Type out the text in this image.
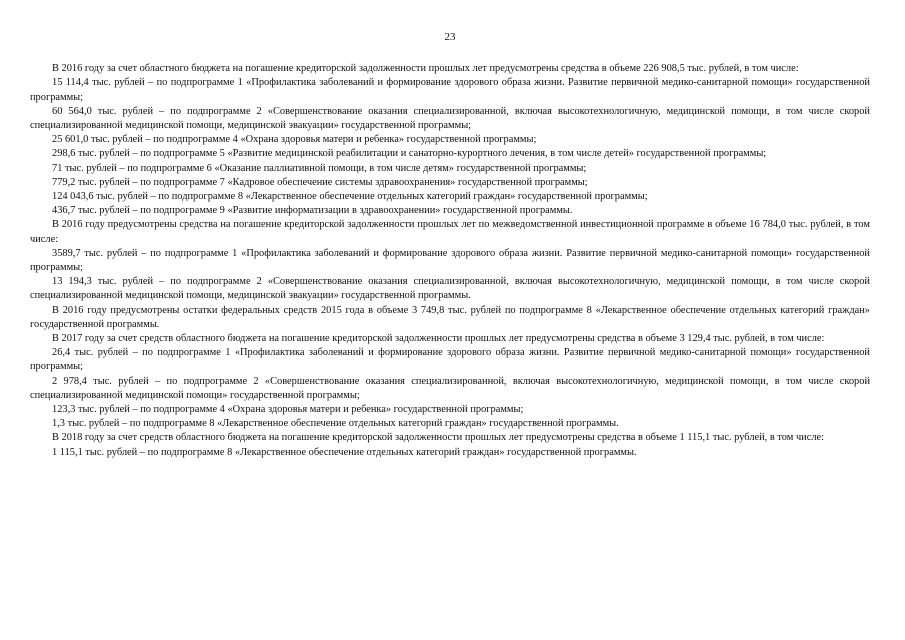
23

В 2016 году за счет областного бюджета на погашение кредиторской задолженности прошлых лет предусмотрены средства в объеме 226 908,5 тыс. рублей, в том числе:

15 114,4 тыс. рублей – по подпрограмме 1 «Профилактика заболеваний и формирование здорового образа жизни. Развитие первичной медико-санитарной помощи» государственной программы;

60 564,0 тыс. рублей – по подпрограмме 2 «Совершенствование оказания специализированной, включая высокотехнологичную, медицинской помощи, в том числе скорой специализированной медицинской помощи, медицинской эвакуации» государственной программы;

25 601,0 тыс. рублей – по подпрограмме 4 «Охрана здоровья матери и ребенка» государственной программы;

298,6 тыс. рублей – по подпрограмме 5 «Развитие медицинской реабилитации и санаторно-курортного лечения, в том числе детей» государственной программы;

71 тыс. рублей – по подпрограмме 6 «Оказание паллиативной помощи, в том числе детям» государственной программы;

779,2 тыс. рублей – по подпрограмме 7 «Кадровое обеспечение системы здравоохранения» государственной программы;

124 043,6 тыс. рублей – по подпрограмме 8 «Лекарственное обеспечение отдельных категорий граждан» государственной программы;

436,7 тыс. рублей – по подпрограмме 9 «Развитие информатизации в здравоохранении» государственной программы.

В 2016 году предусмотрены средства на погашение кредиторской задолженности прошлых лет по межведомственной инвестиционной программе в объеме 16 784,0 тыс. рублей, в том числе:

3589,7 тыс. рублей – по подпрограмме 1 «Профилактика заболеваний и формирование здорового образа жизни. Развитие первичной медико-санитарной помощи» государственной программы;

13 194,3 тыс. рублей – по подпрограмме 2 «Совершенствование оказания специализированной, включая высокотехнологичную, медицинской помощи, в том числе скорой специализированной медицинской помощи, медицинской эвакуации» государственной программы.

В 2016 году предусмотрены остатки федеральных средств 2015 года в объеме 3 749,8 тыс. рублей по подпрограмме 8 «Лекарственное обеспечение отдельных категорий граждан» государственной программы.

В 2017 году за счет средств областного бюджета на погашение кредиторской задолженности прошлых лет предусмотрены средства в объеме 3 129,4 тыс. рублей, в том числе:

26,4 тыс. рублей – по подпрограмме 1 «Профилактика заболеваний и формирование здорового образа жизни. Развитие первичной медико-санитарной помощи» государственной программы;

2 978,4 тыс. рублей – по подпрограмме 2 «Совершенствование оказания специализированной, включая высокотехнологичную, медицинской помощи, в том числе скорой специализированной медицинской помощи» государственной программы;

123,3 тыс. рублей – по подпрограмме 4 «Охрана здоровья матери и ребенка» государственной программы;

1,3 тыс. рублей – по подпрограмме 8 «Лекарственное обеспечение отдельных категорий граждан» государственной программы.

В 2018 году за счет средств областного бюджета на погашение кредиторской задолженности прошлых лет предусмотрены средства в объеме 1 115,1 тыс. рублей, в том числе:

1 115,1 тыс. рублей – по подпрограмме 8 «Лекарственное обеспечение отдельных категорий граждан» государственной программы.
